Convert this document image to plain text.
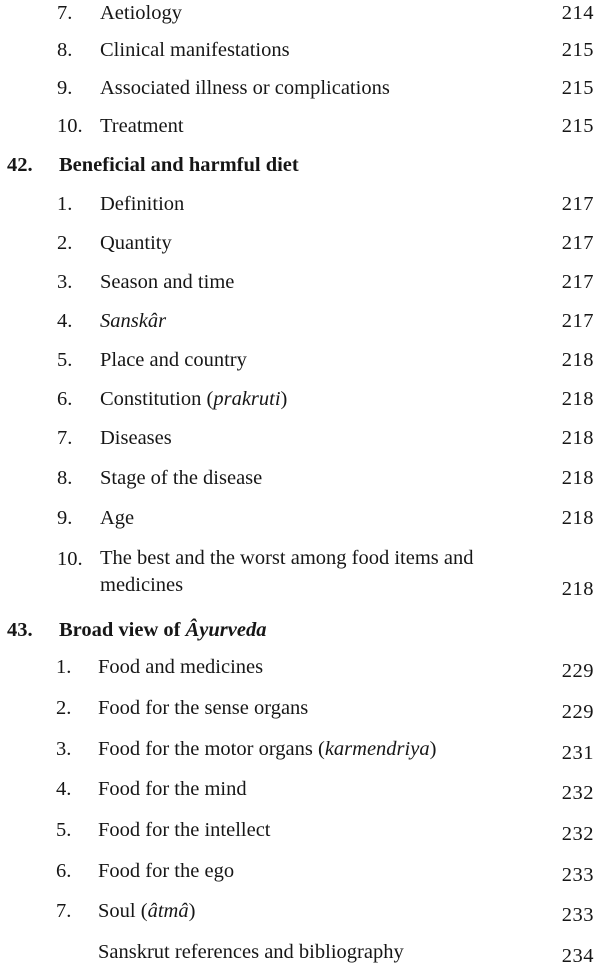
7.	Aetiology	214
8.	Clinical manifestations	215
9.	Associated illness or complications	215
10. Treatment	215
42. Beneficial and harmful diet
1.	Definition	217
2.	Quantity	217
3.	Season and time	217
4.	Sanskâr	217
5.	Place and country	218
6.	Constitution (prakruti)	218
7.	Diseases	218
8.	Stage of the disease	218
9.	Age	218
10. The best and the worst among food items and
medicines	218
43. Broad view of Âyurveda
1.	Food and medicines	229
2.	Food for the sense organs	229
3.	Food for the motor organs (karmendriya)	231
4.	Food for the mind	232
5.	Food for the intellect	232
6.	Food for the ego	233
7.	Soul (âtmâ)	233
Sanskrut references and bibliography	234
